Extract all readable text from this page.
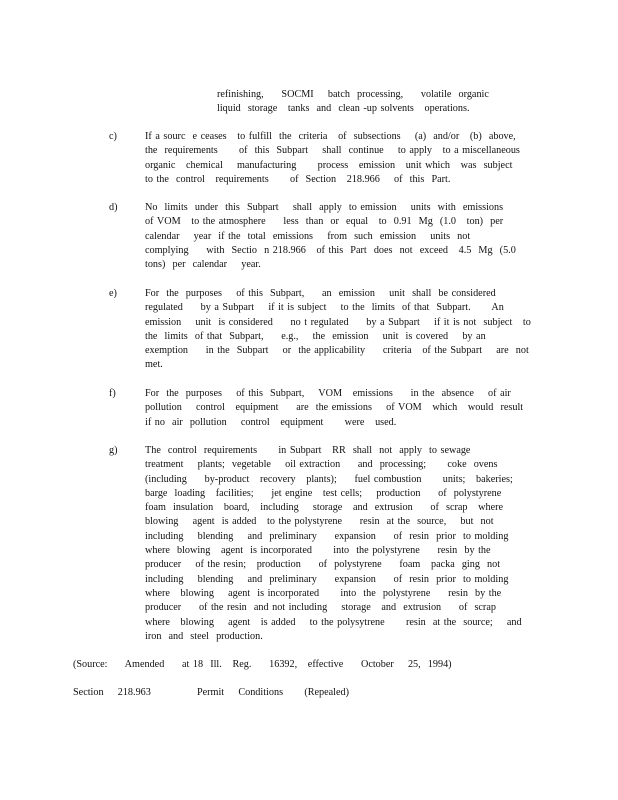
refinishing,     SOCMI    batch  processing,     volatile  organic
liquid  storage   tanks  and  clean -up solvents   operations.
c)	If a sourc  e ceases   to fulfill  the  criteria   of  subsections    (a)  and/or   (b)  above,
the  requirements      of  this  Subpart    shall  continue    to apply   to a miscellaneous
organic   chemical    manufacturing      process   emission   unit which   was  subject
to the  control   requirements      of  Section   218.966    of  this  Part.
d)	No  limits  under  this  Subpart    shall  apply  to emission    units  with  emissions
of VOM   to the atmosphere     less  than  or  equal   to  0.91  Mg  (1.0   ton)  per
calendar    year  if the  total  emissions    from  such  emission    units  not
complying     with  Sectio  n 218.966   of this  Part  does  not  exceed   4.5  Mg  (5.0
tons)  per  calendar    year.
e)	For  the  purposes    of this  Subpart,     an  emission    unit  shall  be considered
regulated     by a Subpart    if it is subject    to the  limits  of that  Subpart.      An
emission    unit  is considered     no t regulated     by a Subpart    if it is not  subject   to
the  limits  of that  Subpart,     e.g.,    the  emission    unit  is covered    by an
exemption     in the  Subpart    or  the applicability     criteria   of the Subpart    are  not
met.
f)	For  the  purposes    of this  Subpart,    VOM   emissions     in the  absence    of air
pollution    control   equipment     are  the emissions    of VOM   which   would  result
if no  air  pollution    control   equipment      were   used.
g)	The  control  requirements      in Subpart   RR  shall  not  apply  to sewage
treatment    plants;  vegetable    oil extraction     and  processing;      coke  ovens
(including     by-product   recovery   plants);     fuel combustion      units;   bakeries;
barge  loading   facilities;     jet engine   test cells;    production     of  polystyrene
foam  insulation   board,   including    storage   and  extrusion     of  scrap   where
blowing    agent  is added   to the polystyrene     resin  at the  source,    but  not
including    blending    and  preliminary     expansion     of  resin  prior  to molding
where  blowing   agent  is incorporated      into  the polystyrene     resin  by the
producer    of the resin;   production     of  polystyrene     foam   packa  ging  not
including    blending    and  preliminary     expansion     of  resin  prior  to molding
where   blowing    agent  is incorporated      into  the  polystyrene     resin  by the
producer     of the resin  and not including    storage   and  extrusion     of  scrap
where   blowing    agent   is added    to the polysytrene      resin  at the  source;    and
iron  and  steel  production.
(Source:     Amended     at 18  Ill.   Reg.     16392,   effective     October    25,  1994)
Section    218.963             Permit    Conditions      (Repealed)
